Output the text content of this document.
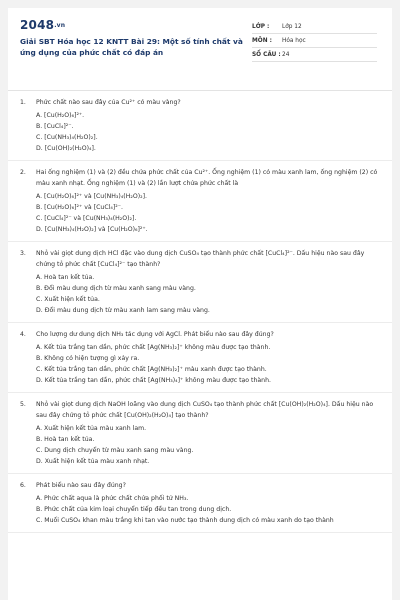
2048.vn
Giải SBT Hóa học 12 KNTT Bài 29: Một số tính chất và ứng dụng của phức chất có đáp án
LỚP :	Lớp 12
MÔN :	Hóa học
SỐ CÂU : 24
1.	Phức chất nào sau đây của Cu²⁺ có màu vàng?
A. [Cu(H₂O)₆]²⁺.
B. [CuCl₄]²⁻.
C. [Cu(NH₃)₄(H₂O)₂].
D. [Cu(OH)₂(H₂O)₄].
2.	Hai ống nghiệm (1) và (2) đều chứa phức chất của Cu²⁺. Ống nghiệm (1) có màu xanh lam, ống nghiệm (2) có màu xanh nhạt. Ống nghiệm (1) và (2) lần lượt chứa phức chất là
A. [Cu(H₂O)₆]²⁺ và [Cu(NH₃)₄(H₂O)₂].
B. [Cu(H₂O)₆]²⁺ và [CuCl₄]²⁻.
C. [CuCl₄]²⁻ và [Cu(NH₃)₄(H₂O)₂].
D. [Cu(NH₃)₄(H₂O)₂] và [Cu(H₂O)₆]²⁺.
3.	Nhỏ vài giọt dung dịch HCl đặc vào dung dịch CuSO₄ tạo thành phức chất [CuCl₄]²⁻. Dấu hiệu nào sau đây chứng tỏ phức chất [CuCl₄]²⁻ tạo thành?
A. Hoà tan kết tủa.
B. Đổi màu dung dịch từ màu xanh sang màu vàng.
C. Xuất hiện kết tủa.
D. Đổi màu dung dịch từ màu xanh lam sang màu vàng.
4.	Cho lượng dư dung dịch NH₃ tác dụng với AgCl. Phát biểu nào sau đây đúng?
A. Kết tủa trắng tan dần, phức chất [Ag(NH₃)₂]⁺ không màu được tạo thành.
B. Không có hiện tượng gì xảy ra.
C. Kết tủa trắng tan dần, phức chất [Ag(NH₃)₂]⁺ màu xanh được tạo thành.
D. Kết tủa trắng tan dần, phức chất [Ag(NH₃)₄]⁺ không màu được tạo thành.
5.	Nhỏ vài giọt dung dịch NaOH loãng vào dung dịch CuSO₄ tạo thành phức chất [Cu(OH)₂(H₂O)₄]. Dấu hiệu nào sau đây chứng tỏ phức chất [Cu(OH)₂(H₂O)₄] tạo thành?
A. Xuất hiện kết tủa màu xanh lam.
B. Hoà tan kết tủa.
C. Dung dịch chuyển từ màu xanh sang màu vàng.
D. Xuất hiện kết tủa màu xanh nhạt.
6.	Phát biểu nào sau đây đúng?
A. Phức chất aqua là phức chất chứa phối tử NH₃.
B. Phức chất của kim loại chuyển tiếp đều tan trong dung dịch.
C. Muối CuSO₄ khan màu trắng khi tan vào nước tạo thành dung dịch có màu xanh do tạo thành
